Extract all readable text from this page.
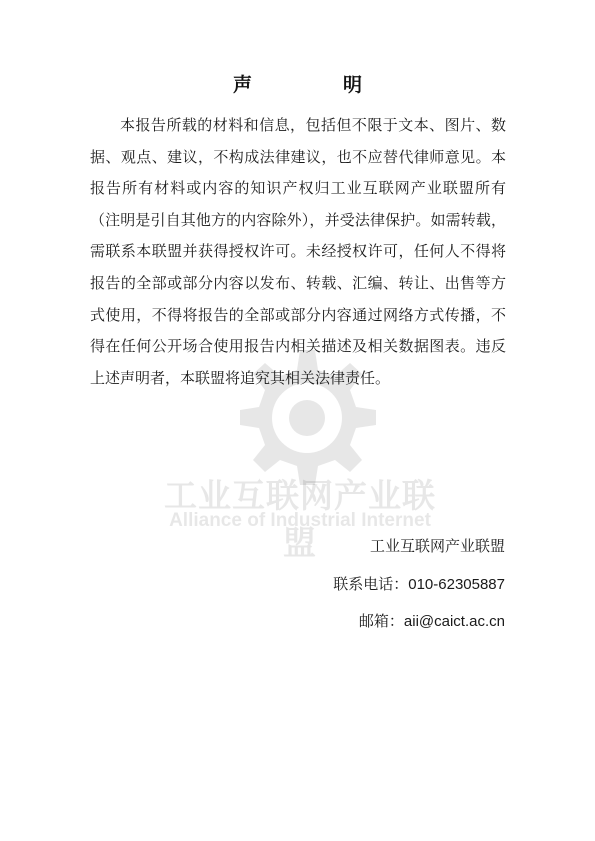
声　明
工业互联网产业联盟
Alliance of Industrial Internet
本报告所载的材料和信息，包括但不限于文本、图片、数据、观点、建议，不构成法律建议，也不应替代律师意见。本报告所有材料或内容的知识产权归工业互联网产业联盟所有（注明是引自其他方的内容除外），并受法律保护。如需转载，需联系本联盟并获得授权许可。未经授权许可，任何人不得将报告的全部或部分内容以发布、转载、汇编、转让、出售等方式使用，不得将报告的全部或部分内容通过网络方式传播，不得在任何公开场合使用报告内相关描述及相关数据图表。违反上述声明者，本联盟将追究其相关法律责任。
工业互联网产业联盟
联系电话：010-62305887
邮箱：aii@caict.ac.cn
